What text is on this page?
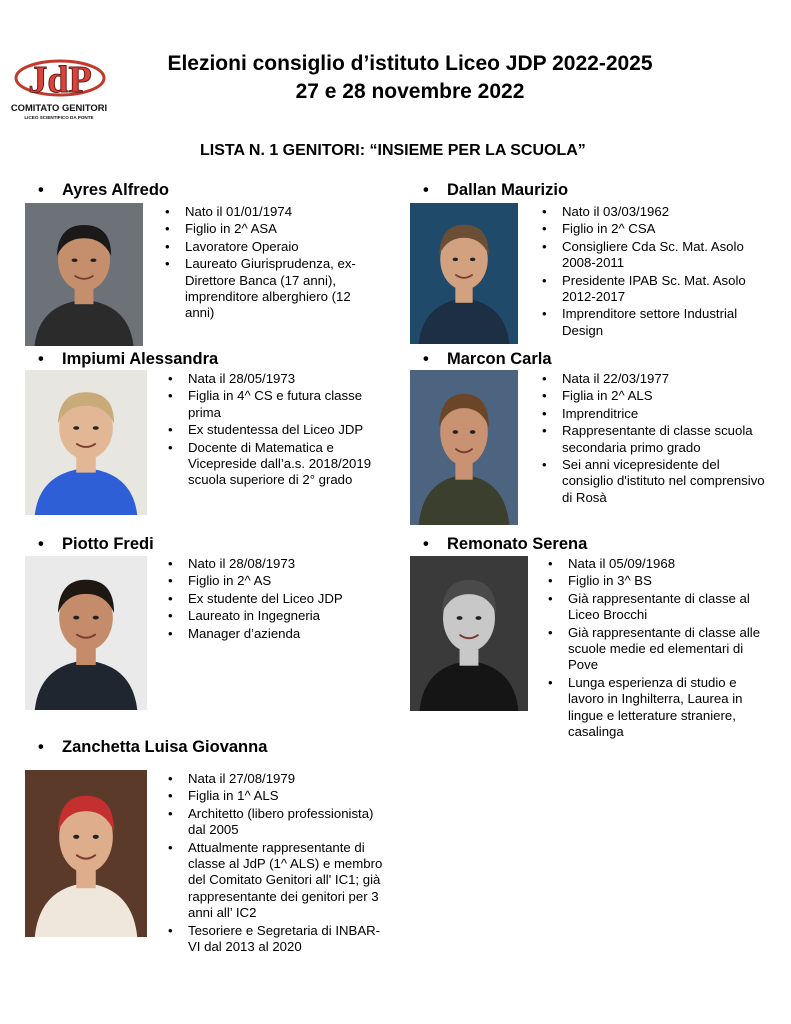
JdP
COMITATO GENITORI
LICEO SCIENTIFICO DA PONTE
Elezioni consiglio d’istituto Liceo JDP 2022-2025
27 e 28 novembre 2022
LISTA N. 1 GENITORI: “INSIEME PER LA SCUOLA”
• Ayres Alfredo
• Nato il 01/01/1974
• Figlio in 2^ ASA
• Lavoratore Operaio
• Laureato Giurisprudenza, ex-Direttore Banca (17 anni), imprenditore alberghiero (12 anni)
• Dallan Maurizio
• Nato il 03/03/1962
• Figlio in 2^ CSA
• Consigliere Cda Sc. Mat. Asolo 2008-2011
• Presidente IPAB Sc. Mat. Asolo 2012-2017
• Imprenditore settore Industrial Design
• Impiumi Alessandra
• Nata il 28/05/1973
• Figlia in 4^ CS e futura classe prima
• Ex studentessa del Liceo JDP
• Docente di Matematica e Vicepreside dall’a.s. 2018/2019 scuola superiore di 2° grado
• Marcon Carla
• Nata il 22/03/1977
• Figlia in 2^ ALS
• Imprenditrice
• Rappresentante di classe scuola secondaria primo grado
• Sei anni vicepresidente del consiglio d'istituto nel comprensivo di Rosà
• Piotto Fredi
• Nato il 28/08/1973
• Figlio in 2^ AS
• Ex studente del Liceo JDP
• Laureato in Ingegneria
• Manager d’azienda
• Remonato Serena
• Nata il 05/09/1968
• Figlio in 3^ BS
• Già rappresentante di classe al Liceo Brocchi
• Già rappresentante di classe alle scuole medie ed elementari di Pove
• Lunga esperienza di studio e lavoro in Inghilterra, Laurea in lingue e letterature straniere, casalinga
• Zanchetta Luisa Giovanna
• Nata il 27/08/1979
• Figlia in 1^ ALS
• Architetto (libero professionista) dal 2005
• Attualmente rappresentante di classe al JdP (1^ ALS) e membro del Comitato Genitori all' IC1; già rappresentante dei genitori per 3 anni all’ IC2
• Tesoriere e Segretaria di INBAR-VI dal 2013 al 2020
